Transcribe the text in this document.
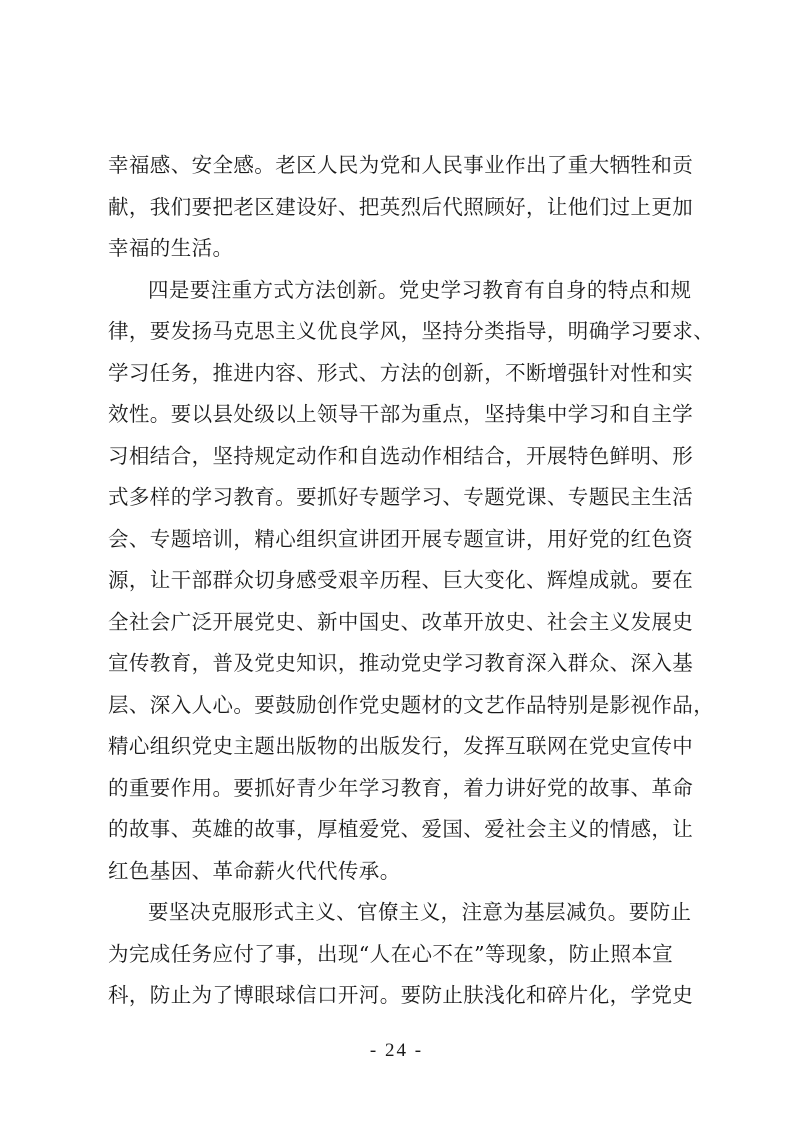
幸福感、安全感。老区人民为党和人民事业作出了重大牺牲和贡
献，我们要把老区建设好、把英烈后代照顾好，让他们过上更加
幸福的生活。
四是要注重方式方法创新。党史学习教育有自身的特点和规
律，要发扬马克思主义优良学风，坚持分类指导，明确学习要求、
学习任务，推进内容、形式、方法的创新，不断增强针对性和实
效性。要以县处级以上领导干部为重点，坚持集中学习和自主学
习相结合，坚持规定动作和自选动作相结合，开展特色鲜明、形
式多样的学习教育。要抓好专题学习、专题党课、专题民主生活
会、专题培训，精心组织宣讲团开展专题宣讲，用好党的红色资
源，让干部群众切身感受艰辛历程、巨大变化、辉煌成就。要在
全社会广泛开展党史、新中国史、改革开放史、社会主义发展史
宣传教育，普及党史知识，推动党史学习教育深入群众、深入基
层、深入人心。要鼓励创作党史题材的文艺作品特别是影视作品，
精心组织党史主题出版物的出版发行，发挥互联网在党史宣传中
的重要作用。要抓好青少年学习教育，着力讲好党的故事、革命
的故事、英雄的故事，厚植爱党、爱国、爱社会主义的情感，让
红色基因、革命薪火代代传承。
要坚决克服形式主义、官僚主义，注意为基层减负。要防止
为完成任务应付了事，出现“人在心不在”等现象，防止照本宣
科，防止为了博眼球信口开河。要防止肤浅化和碎片化，学党史
- 24 -
